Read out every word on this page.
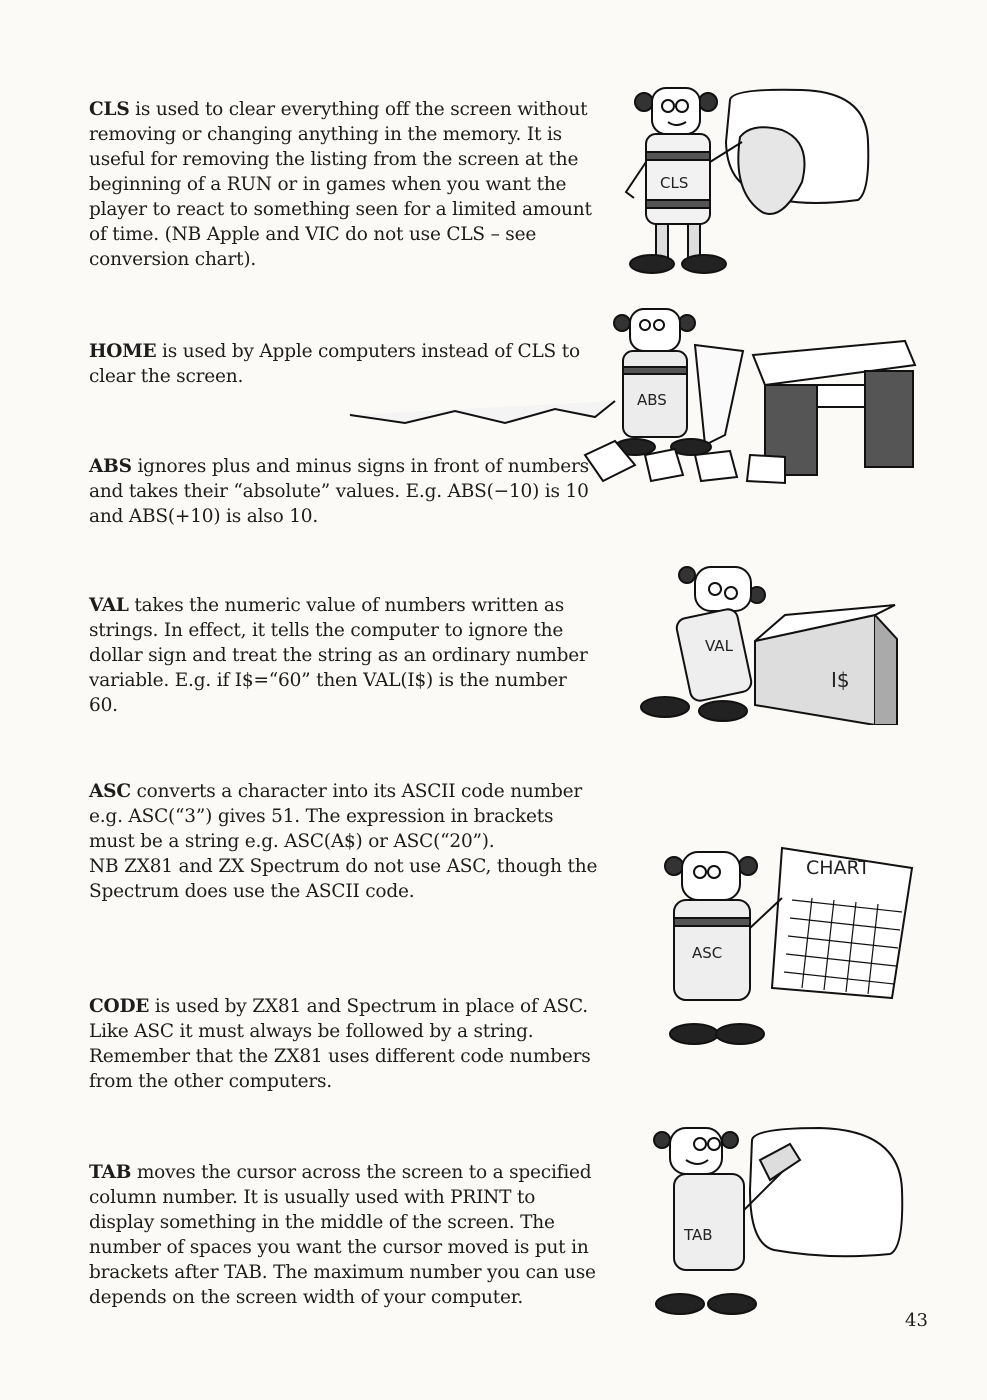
CLS is used to clear everything off the screen without removing or changing anything in the memory. It is useful for removing the listing from the screen at the beginning of a RUN or in games when you want the player to react to something seen for a limited amount of time. (NB Apple and VIC do not use CLS – see conversion chart).

HOME is used by Apple computers instead of CLS to clear the screen.

ABS ignores plus and minus signs in front of numbers and takes their “absolute” values. E.g. ABS(−10) is 10 and ABS(+10) is also 10.

VAL takes the numeric value of numbers written as strings. In effect, it tells the computer to ignore the dollar sign and treat the string as an ordinary number variable. E.g. if I$=“60” then VAL(I$) is the number 60.

ASC converts a character into its ASCII code number e.g. ASC(“3”) gives 51. The expression in brackets must be a string e.g. ASC(A$) or ASC(“20”).
NB ZX81 and ZX Spectrum do not use ASC, though the Spectrum does use the ASCII code.

CODE is used by ZX81 and Spectrum in place of ASC. Like ASC it must always be followed by a string. Remember that the ZX81 uses different code numbers from the other computers.

TAB moves the cursor across the screen to a specified column number. It is usually used with PRINT to display something in the middle of the screen. The number of spaces you want the cursor moved is put in brackets after TAB. The maximum number you can use depends on the screen width of your computer.

CLS
ABS
VAL
I$
CHART
ASC
TAB
43
